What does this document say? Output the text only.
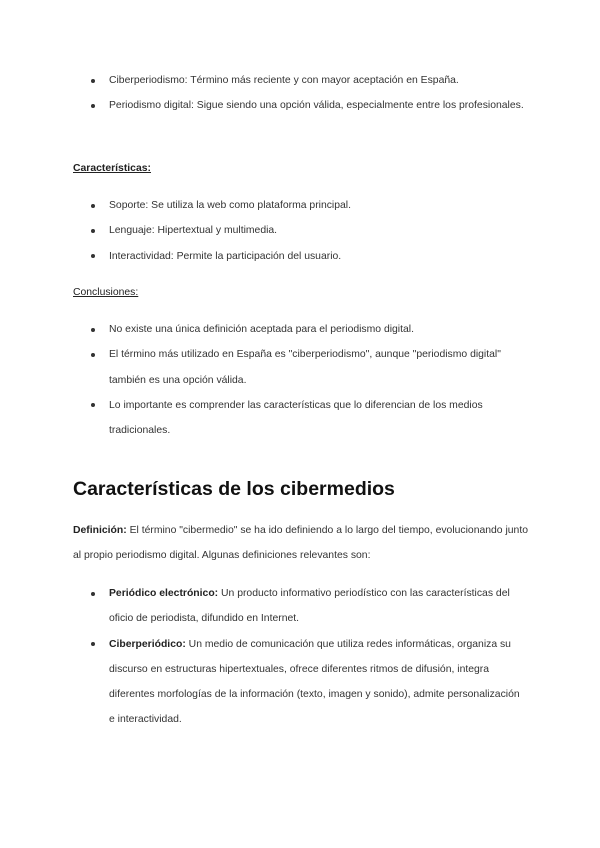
Ciberperiodismo: Término más reciente y con mayor aceptación en España.
Periodismo digital: Sigue siendo una opción válida, especialmente entre los profesionales.
Características:
Soporte: Se utiliza la web como plataforma principal.
Lenguaje: Hipertextual y multimedia.
Interactividad: Permite la participación del usuario.
Conclusiones:
No existe una única definición aceptada para el periodismo digital.
El término más utilizado en España es "ciberperiodismo", aunque "periodismo digital" también es una opción válida.
Lo importante es comprender las características que lo diferencian de los medios tradicionales.
Características de los cibermedios

Definición: El término "cibermedio" se ha ido definiendo a lo largo del tiempo, evolucionando junto al propio periodismo digital. Algunas definiciones relevantes son:

Periódico electrónico: Un producto informativo periodístico con las características del oficio de periodista, difundido en Internet.
Ciberperiódico: Un medio de comunicación que utiliza redes informáticas, organiza su discurso en estructuras hipertextuales, ofrece diferentes ritmos de difusión, integra diferentes morfologías de la información (texto, imagen y sonido), admite personalización e interactividad.
